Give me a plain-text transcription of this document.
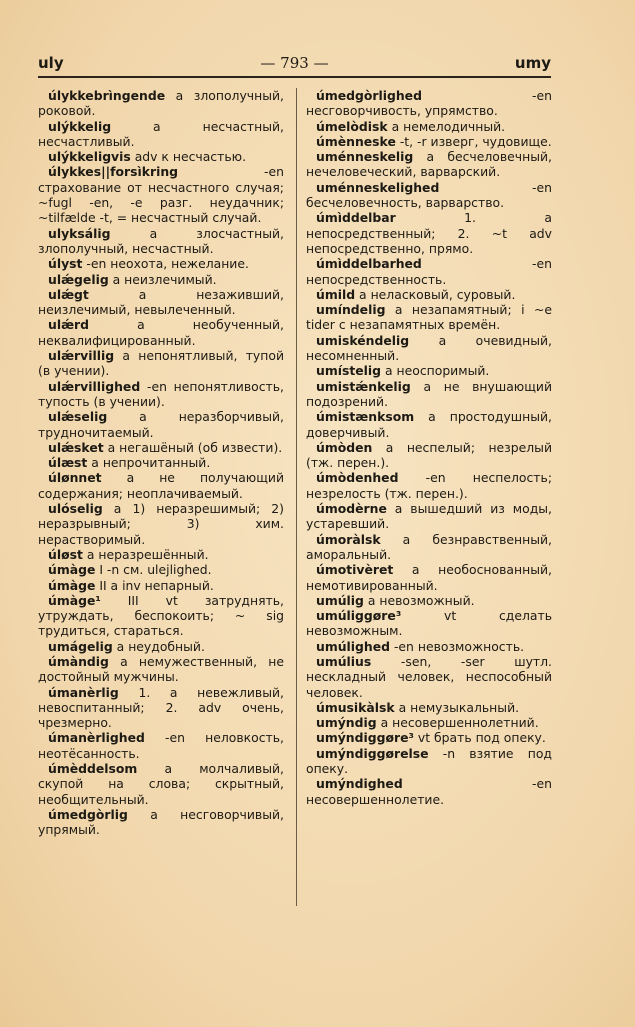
uly	— 793 —	umy

úlykkebrìngende a злополучный, роковой.

ulýkkelig a несчастный, несчастливый.

ulýkkeligvis adv к несчастью.

úlykkes||forsìkring -en страхование от несчастного случая; ~fugl -en, -e разг. неудачник; ~tilfælde -t, = несчастный случай.

ulyksálig a злосчастный, злополучный, несчастный.

úlyst -en неохота, нежелание.

ulǽgelig a неизлечимый.

ulǽgt a незаживший, неизлечимый, невылеченный.

ulǽrd a необученный, неквалифицированный.

ulǽrvillig a непонятливый, тупой (в учении).

ulǽrvillighed -en непонятливость, тупость (в учении).

ulǽselig a неразборчивый, трудночитаемый.

ulǽsket a негашёный (об извести).

úlæst a непрочитанный.

úlønnet a не получающий содержания; неоплачиваемый.

ulóselig a 1) неразрешимый; 2) неразрывный; 3) хим. нерастворимый.

úløst a неразрешённый.

úmàge I -n см. ulejlighed.

úmàge II a inv непарный.

úmàge¹ III vt затруднять, утруждать, беспокоить; ~ sig трудиться, стараться.

umágelig a неудобный.

úmàndig a немужественный, не достойный мужчины.

úmanèrlig 1. a невежливый, невоспитанный; 2. adv очень, чрезмерно.

úmanèrlighed -en неловкость, неотёсанность.

úmèddelsom a молчаливый, скупой на слова; скрытный, необщительный.

úmedgòrlig a несговорчивый, упрямый.

úmedgòrlighed -en несговорчивость, упрямство.

úmelòdisk a немелодичный.

úmènneske -t, -r изверг, чудовище.

uménneskelig a бесчеловечный, нечеловеческий, варварский.

uménneskelighed -en бесчеловечность, варварство.

úmìddelbar 1. a непосредственный; 2. ~t adv непосредственно, прямо.

úmìddelbarhed -en непосредственность.

úmild a неласковый, суровый.

umíndelig a незапамятный; i ~e tider с незапамятных времён.

umiskéndelig a очевидный, несомненный.

umístelig a неоспоримый.

umistǽnkelig a не внушающий подозрений.

úmistænksom a простодушный, доверчивый.

úmòden a неспелый; незрелый (тж. перен.).

úmòdenhed -en неспелость; незрелость (тж. перен.).

úmodèrne a вышедший из моды, устаревший.

úmoràlsk a безнравственный, аморальный.

úmotivèret a необоснованный, немотивированный.

umúlig a невозможный.

umúliggøre³ vt сделать невозможным.

umúlighed -en невозможность.

umúlius -sen, -ser шутл. нескладный человек, неспособный человек.

úmusikàlsk a немузыкальный.

umýndig a несовершеннолетний.

umýndiggøre³ vt брать под опеку.

umýndiggørelse -n взятие под опеку.

umýndighed -en несовершеннолетие.
